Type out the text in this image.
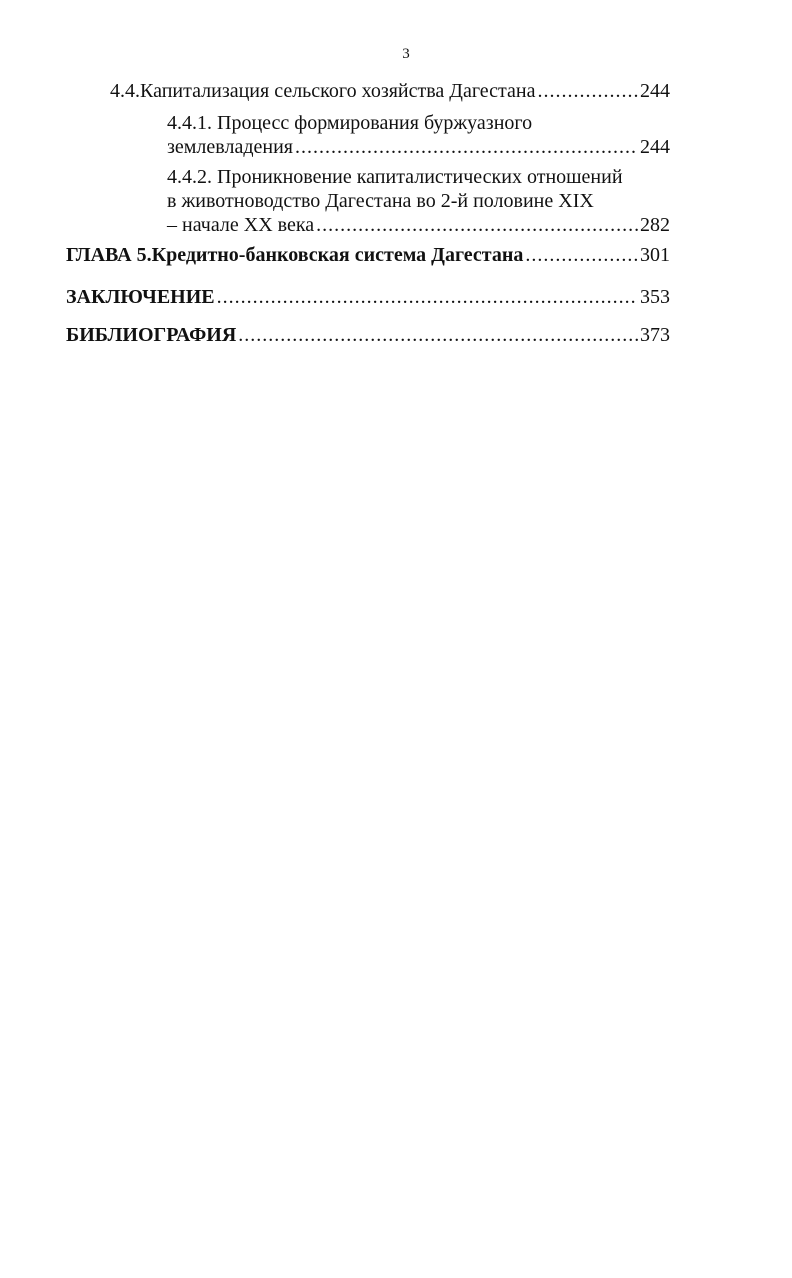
3
4.4. Капитализация сельского хозяйства Дагестана .....	244
4.4.1. Процесс формирования буржуазного
землевладения .....	244
4.4.2. Проникновение капиталистических отношений
в животноводство Дагестана во 2-й половине XIX
– начале XX века .....	282
ГЛАВА 5. Кредитно-банковская система Дагестана .....	301
ЗАКЛЮЧЕНИЕ .....	353
БИБЛИОГРАФИЯ .....	373
